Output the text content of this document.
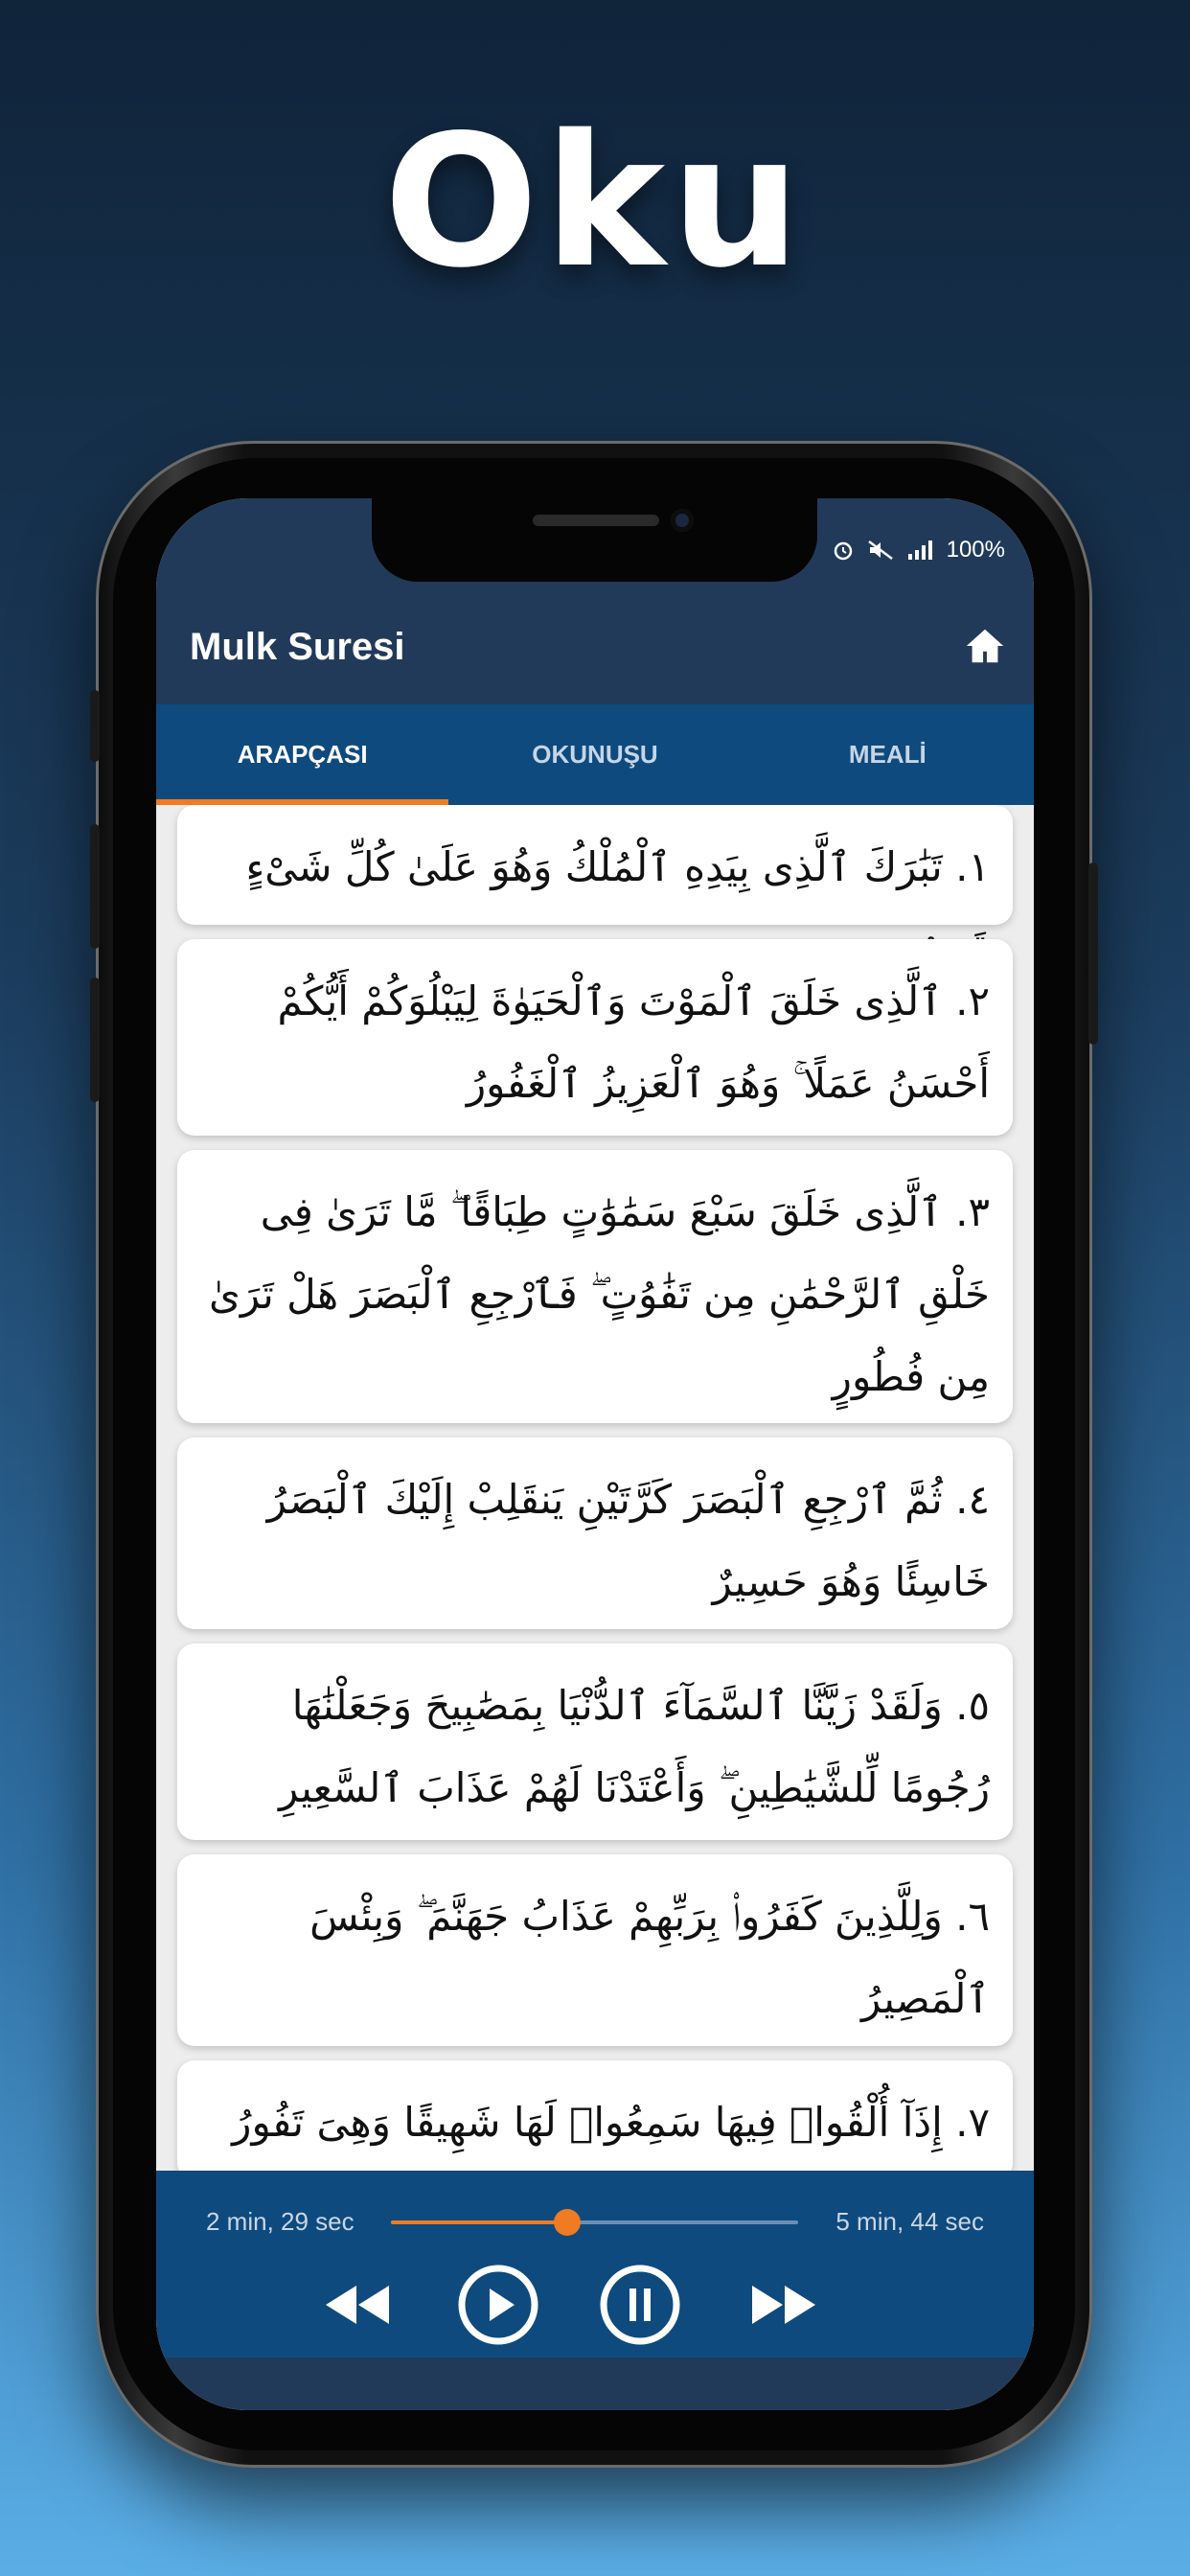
Oku
100%
Mulk Suresi
ARAPÇASI	OKUNUŞU	MEALİ
١. تَبَٰرَكَ ٱلَّذِى بِيَدِهِ ٱلْمُلْكُ وَهُوَ عَلَىٰ كُلِّ شَىْءٍ
٢. ٱلَّذِى خَلَقَ ٱلْمَوْتَ وَٱلْحَيَوٰةَ لِيَبْلُوَكُمْ أَيُّكُمْ أَحْسَنُ عَمَلًا ۚ وَهُوَ ٱلْعَزِيزُ ٱلْغَفُورُ
٣. ٱلَّذِى خَلَقَ سَبْعَ سَمَٰوَٰتٍ طِبَاقًا ۖ مَّا تَرَىٰ فِى خَلْقِ ٱلرَّحْمَٰنِ مِن تَفَٰوُتٍ ۖ فَٱرْجِعِ ٱلْبَصَرَ هَلْ تَرَىٰ مِن فُطُورٍ
٤. ثُمَّ ٱرْجِعِ ٱلْبَصَرَ كَرَّتَيْنِ يَنقَلِبْ إِلَيْكَ ٱلْبَصَرُ خَاسِئًا وَهُوَ حَسِيرٌ
٥. وَلَقَدْ زَيَّنَّا ٱلسَّمَآءَ ٱلدُّنْيَا بِمَصَٰبِيحَ وَجَعَلْنَٰهَا رُجُومًا لِّلشَّيَٰطِينِ ۖ وَأَعْتَدْنَا لَهُمْ عَذَابَ ٱلسَّعِيرِ
٦. وَلِلَّذِينَ كَفَرُوا۟ بِرَبِّهِمْ عَذَابُ جَهَنَّمَ ۖ وَبِئْسَ ٱلْمَصِيرُ
٧. إِذَآ أُلْقُوا۟ فِيهَا سَمِعُوا۟ لَهَا شَهِيقًا وَهِىَ تَفُورُ
2 min, 29 sec	5 min, 44 sec
